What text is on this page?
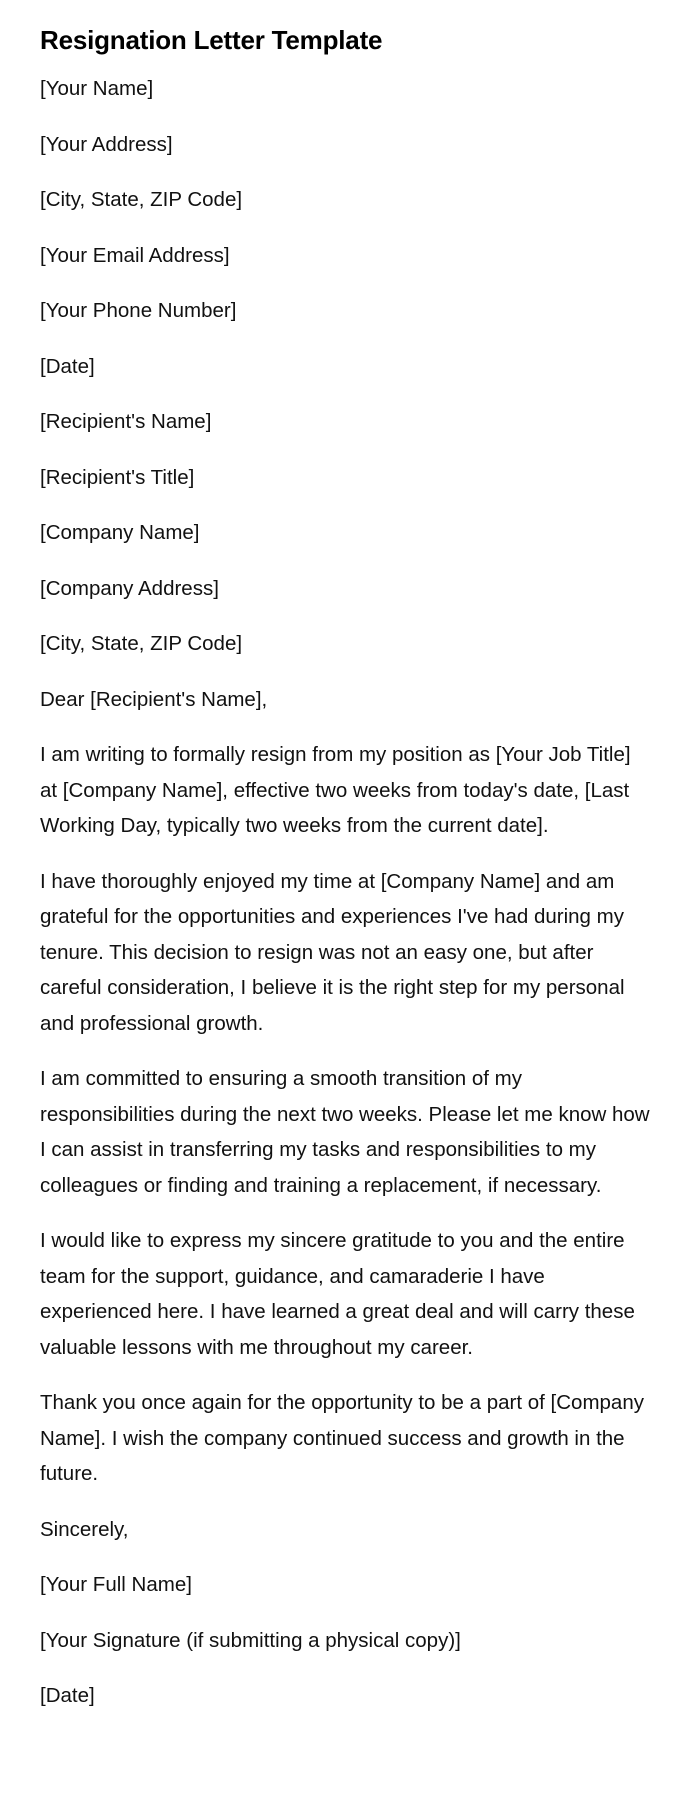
Resignation Letter Template
[Your Name]
[Your Address]
[City, State, ZIP Code]
[Your Email Address]
[Your Phone Number]
[Date]
[Recipient's Name]
[Recipient's Title]
[Company Name]
[Company Address]
[City, State, ZIP Code]
Dear [Recipient's Name],

I am writing to formally resign from my position as [Your Job Title] at [Company Name], effective two weeks from today's date, [Last Working Day, typically two weeks from the current date].

I have thoroughly enjoyed my time at [Company Name] and am grateful for the opportunities and experiences I've had during my tenure. This decision to resign was not an easy one, but after careful consideration, I believe it is the right step for my personal and professional growth.

I am committed to ensuring a smooth transition of my responsibilities during the next two weeks. Please let me know how I can assist in transferring my tasks and responsibilities to my colleagues or finding and training a replacement, if necessary.

I would like to express my sincere gratitude to you and the entire team for the support, guidance, and camaraderie I have experienced here. I have learned a great deal and will carry these valuable lessons with me throughout my career.

Thank you once again for the opportunity to be a part of [Company Name]. I wish the company continued success and growth in the future.

Sincerely,
[Your Full Name]
[Your Signature (if submitting a physical copy)]
[Date]
